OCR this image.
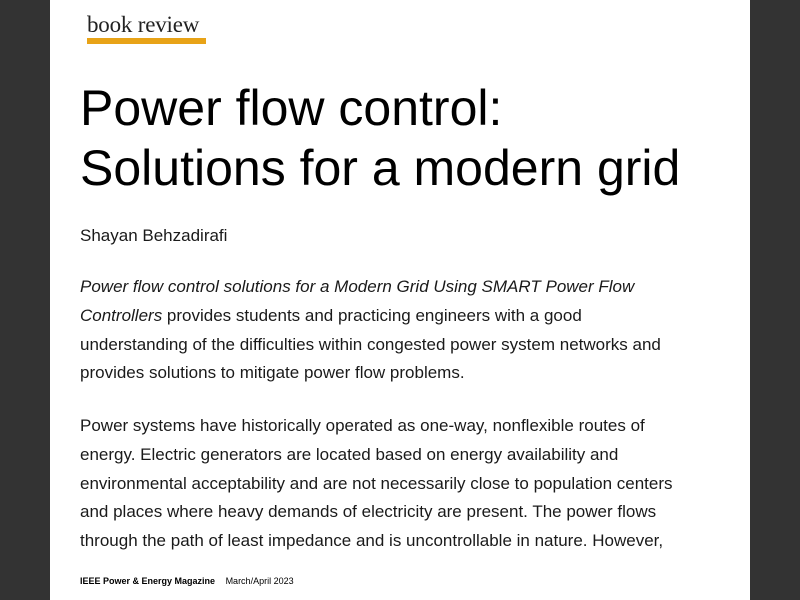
book review
Power flow control:
Solutions for a modern grid
Shayan Behzadirafi

Power flow control solutions for a Modern Grid Using SMART Power Flow
Controllers provides students and practicing engineers with a good
understanding of the difficulties within congested power system networks and
provides solutions to mitigate power flow problems.

Power systems have historically operated as one-way, nonflexible routes of
energy. Electric generators are located based on energy availability and
environmental acceptability and are not necessarily close to population centers
and places where heavy demands of electricity are present. The power flows
through the path of least impedance and is uncontrollable in nature. However,

IEEE Power & Energy Magazine March/April 2023
